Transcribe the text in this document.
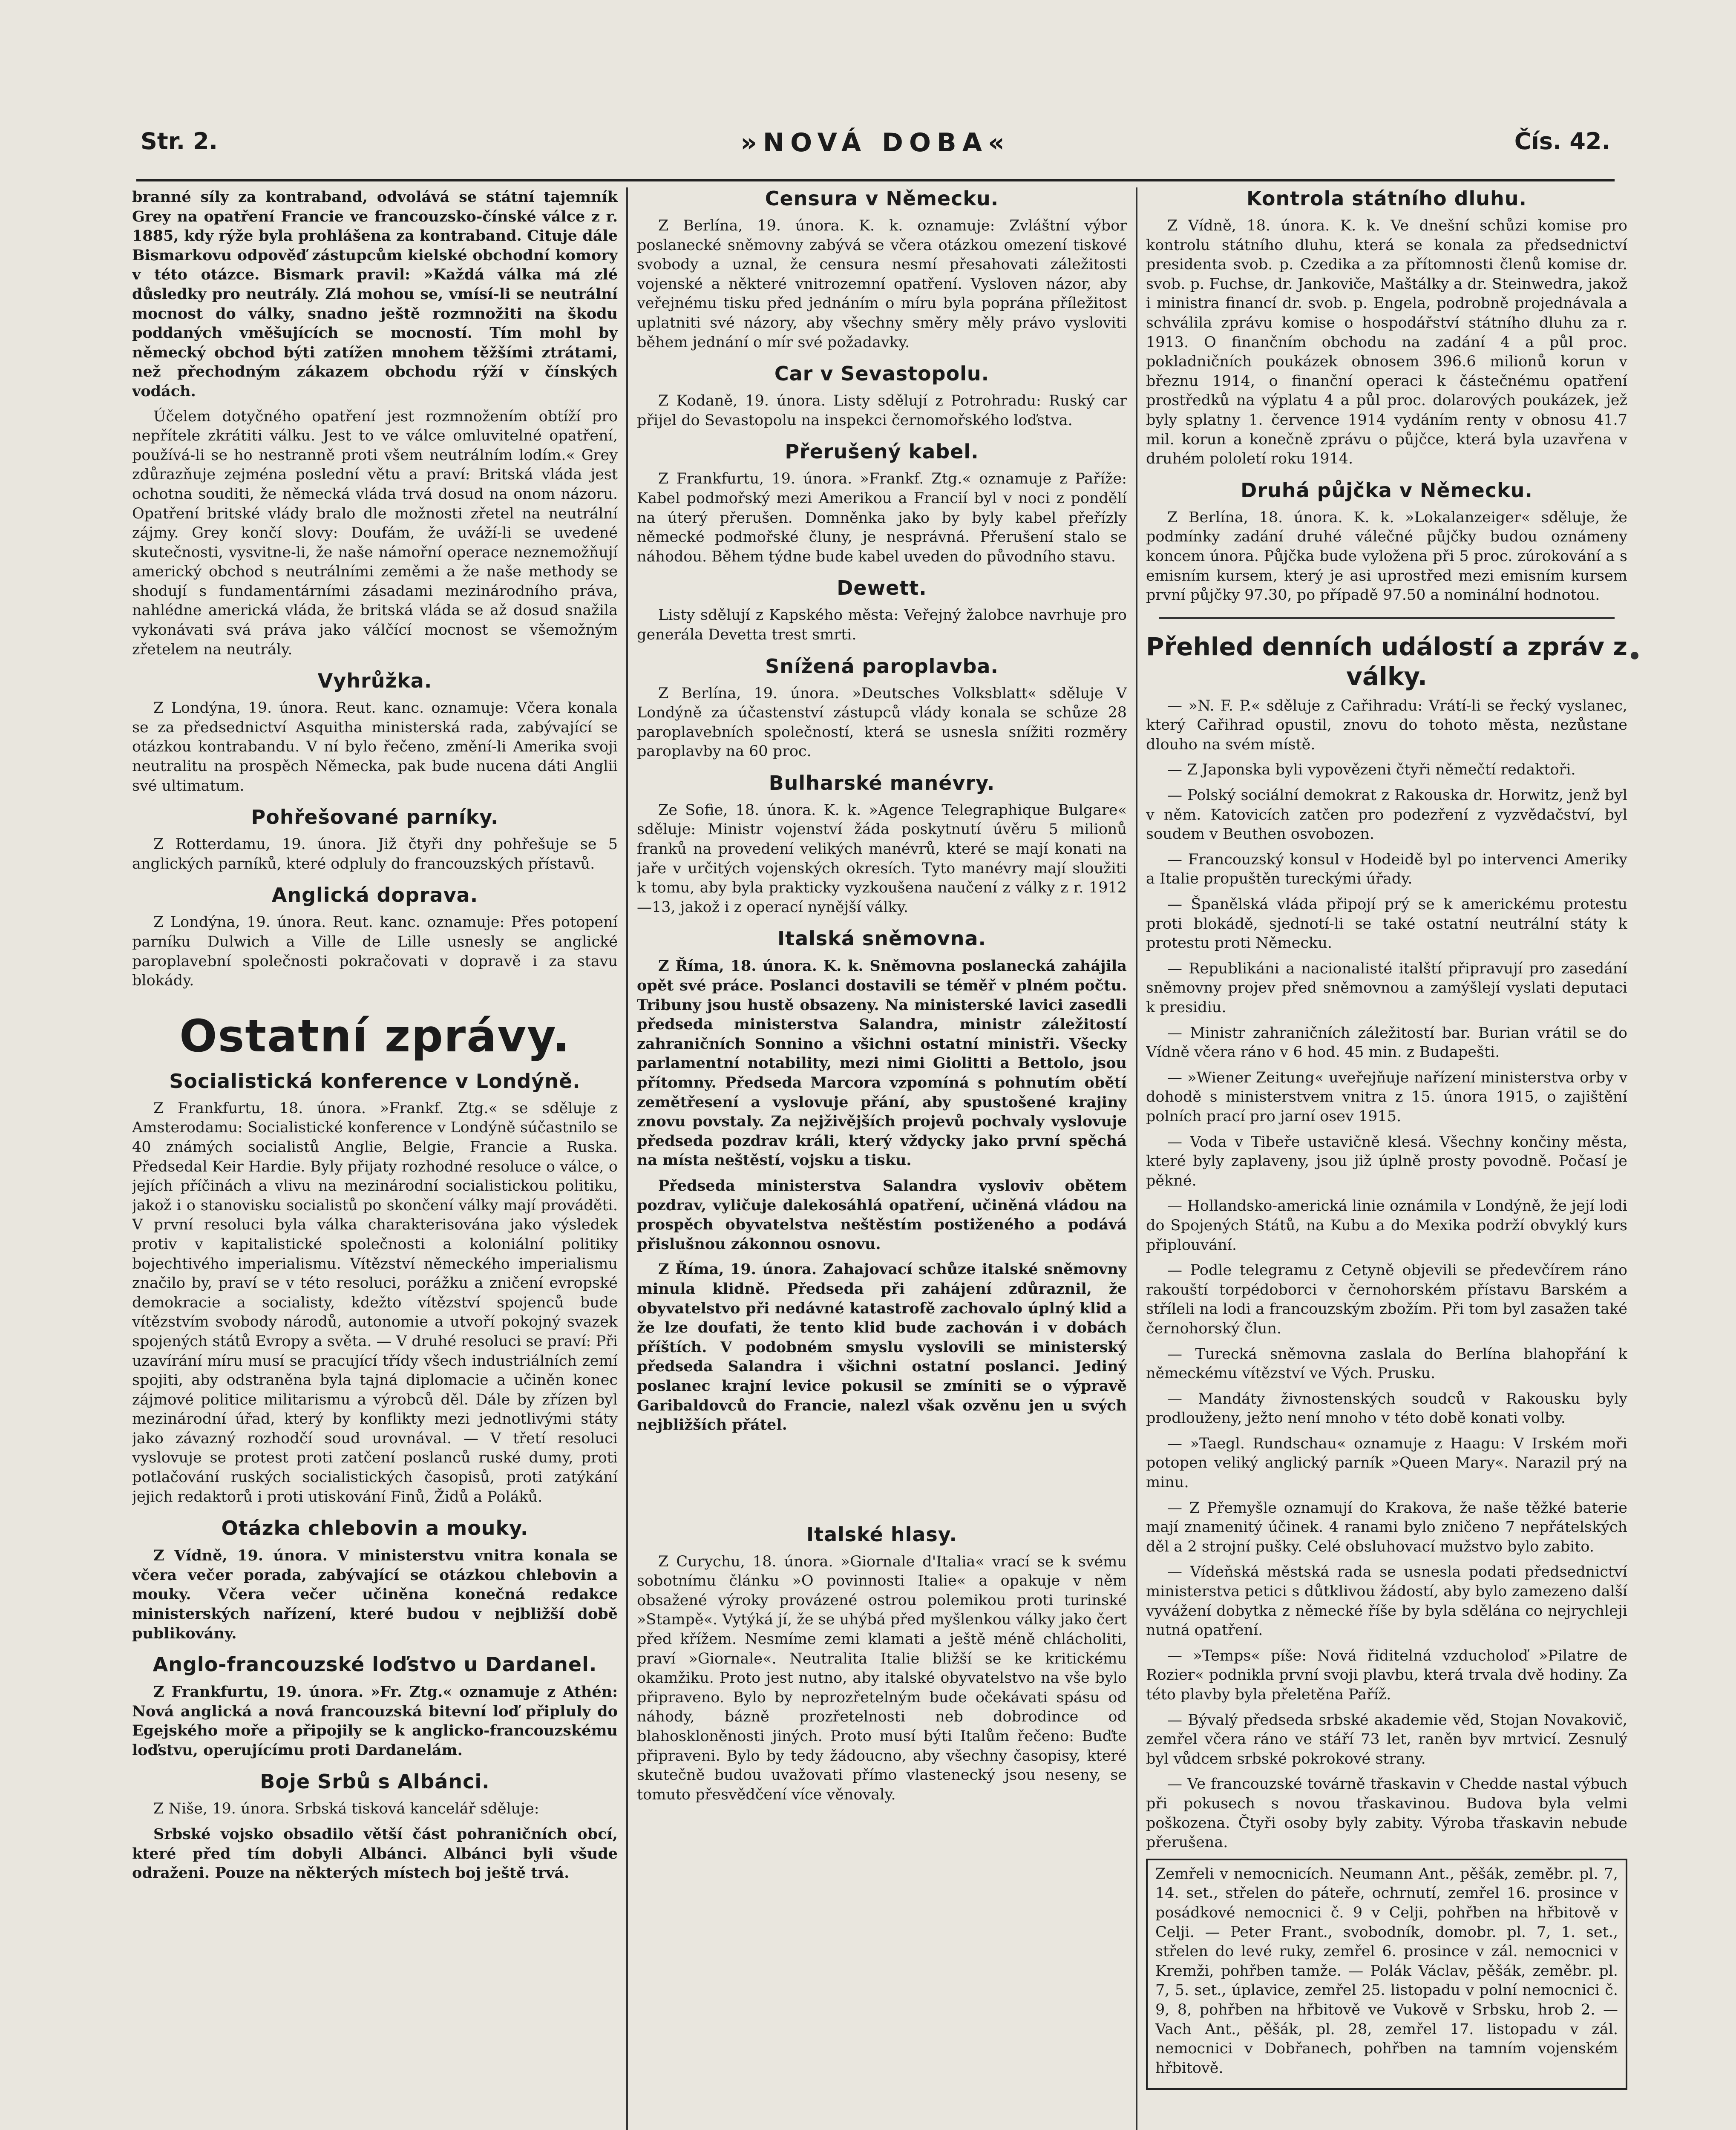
Str. 2.	»NOVÁ DOBA«	Čís. 42.

branné síly za kontraband, odvolává se státní tajemník Grey na opatření Francie ve francouzsko-čínské válce z r. 1885, kdy rýže byla prohlášena za kontraband. Cituje dále Bismarkovu odpověď zástupcům kielské obchodní komory v této otázce. Bismark pravil: »Každá válka má zlé důsledky pro neutrály. Zlá mohou se, vmísí-li se neutrální mocnost do války, snadno ještě rozmnožiti na škodu poddaných vměšujících se mocností. Tím mohl by německý obchod býti zatížen mnohem těžšími ztrátami, než přechodným zákazem obchodu rýží v čínských vodách.

Účelem dotyčného opatření jest rozmnožením obtíží pro nepřítele zkrátiti válku. Jest to ve válce omluvitelné opatření, používá-li se ho nestranně proti všem neutrálním lodím.« Grey zdůrazňuje zejména poslední větu a praví: Britská vláda jest ochotna souditi, že německá vláda trvá dosud na onom názoru. Opatření britské vlády bralo dle možnosti zřetel na neutrální zájmy. Grey končí slovy: Doufám, že uváží-li se uvedené skutečnosti, vysvitne-li, že naše námořní operace neznemožňují americký obchod s neutrálními zeměmi a že naše methody se shodují s fundamentárními zásadami mezinárodního práva, nahlédne americká vláda, že britská vláda se až dosud snažila vykonávati svá práva jako válčící mocnost se všemožným zřetelem na neutrály.

Vyhrůžka.

Z Londýna, 19. února. Reut. kanc. oznamuje: Včera konala se za předsednictví Asquitha ministerská rada, zabývající se otázkou kontrabandu. V ní bylo řečeno, změní-li Amerika svoji neutralitu na prospěch Německa, pak bude nucena dáti Anglii své ultimatum.

Pohřešované parníky.

Z Rotterdamu, 19. února. Již čtyři dny pohřešuje se 5 anglických parníků, které odpluly do francouzských přístavů.

Anglická doprava.

Z Londýna, 19. února. Reut. kanc. oznamuje: Přes potopení parníku Dulwich a Ville de Lille usnesly se anglické paroplavební společnosti pokračovati v dopravě i za stavu blokády.

Ostatní zprávy.
Socialistická konference v Londýně.

Z Frankfurtu, 18. února. »Frankf. Ztg.« se sděluje z Amsterodamu: Socialistické konference v Londýně súčastnilo se 40 známých socialistů Anglie, Belgie, Francie a Ruska. Předsedal Keir Hardie. Byly přijaty rozhodné resoluce o válce, o jejích příčinách a vlivu na mezinárodní socialistickou politiku, jakož i o stanovisku socialistů po skončení války mají prováděti. V první resoluci byla válka charakterisována jako výsledek protiv v kapitalistické společnosti a koloniální politiky bojechtivého imperialismu. Vítězství německého imperialismu značilo by, praví se v této resoluci, porážku a zničení evropské demokracie a socialisty, kdežto vítězství spojenců bude vítězstvím svobody národů, autonomie a utvoří pokojný svazek spojených států Evropy a světa. — V druhé resoluci se praví: Při uzavírání míru musí se pracující třídy všech industriálních zemí spojiti, aby odstraněna byla tajná diplomacie a učiněn konec zájmové politice militarismu a výrobců děl. Dále by zřízen byl mezinárodní úřad, který by konflikty mezi jednotlivými státy jako závazný rozhodčí soud urovnával. — V třetí resoluci vyslovuje se protest proti zatčení poslanců ruské dumy, proti potlačování ruských socialistických časopisů, proti zatýkání jejich redaktorů i proti utiskování Finů, Židů a Poláků.

Otázka chlebovin a mouky.

Z Vídně, 19. února. V ministerstvu vnitra konala se včera večer porada, zabývající se otázkou chlebovin a mouky. Včera večer učiněna konečná redakce ministerských nařízení, které budou v nejbližší době publikovány.

Anglo-francouzské loďstvo u Dardanel.

Z Frankfurtu, 19. února. »Fr. Ztg.« oznamuje z Athén: Nová anglická a nová francouzská bitevní loď připluly do Egejského moře a připojily se k anglicko-francouzskému loďstvu, operujícímu proti Dardanelám.

Boje Srbů s Albánci.

Z Niše, 19. února. Srbská tisková kancelář sděluje:

Srbské vojsko obsadilo větší část pohraničních obcí, které před tím dobyli Albánci. Albánci byli všude odraženi. Pouze na některých místech boj ještě trvá.

Censura v Německu.

Z Berlína, 19. února. K. k. oznamuje: Zvláštní výbor poslanecké sněmovny zabývá se včera otázkou omezení tiskové svobody a uznal, že censura nesmí přesahovati záležitosti vojenské a některé vnitrozemní opatření. Vysloven názor, aby veřejnému tisku před jednáním o míru byla poprána příležitost uplatniti své názory, aby všechny směry měly právo vysloviti během jednání o mír své požadavky.

Car v Sevastopolu.

Z Kodaně, 19. února. Listy sdělují z Potrohradu: Ruský car přijel do Sevastopolu na inspekci černomořského loďstva.

Přerušený kabel.

Z Frankfurtu, 19. února. »Frankf. Ztg.« oznamuje z Paříže: Kabel podmořský mezi Amerikou a Francií byl v noci z pondělí na úterý přerušen. Domněnka jako by byly kabel přeřízly německé podmořské čluny, je nesprávná. Přerušení stalo se náhodou. Během týdne bude kabel uveden do původního stavu.

Dewett.

Listy sdělují z Kapského města: Veřejný žalobce navrhuje pro generála Devetta trest smrti.

Snížená paroplavba.

Z Berlína, 19. února. »Deutsches Volksblatt« sděluje V Londýně za účastenství zástupců vlády konala se schůze 28 paroplavebních společností, která se usnesla snížiti rozměry paroplavby na 60 proc.

Bulharské manévry.

Ze Sofie, 18. února. K. k. »Agence Telegraphique Bulgare« sděluje: Ministr vojenství žáda poskytnutí úvěru 5 milionů franků na provedení velikých manévrů, které se mají konati na jaře v určitých vojenských okresích. Tyto manévry mají sloužiti k tomu, aby byla prakticky vyzkoušena naučení z války z r. 1912—13, jakož i z operací nynější války.

Italská sněmovna.

Z Říma, 18. února. K. k. Sněmovna poslanecká zahájila opět své práce. Poslanci dostavili se téměř v plném počtu. Tribuny jsou hustě obsazeny. Na ministerské lavici zasedli předseda ministerstva Salandra, ministr záležitostí zahraničních Sonnino a všichni ostatní ministři. Všecky parlamentní notability, mezi nimi Giolitti a Bettolo, jsou přítomny. Předseda Marcora vzpomíná s pohnutím obětí zemětřesení a vyslovuje přání, aby spustošené krajiny znovu povstaly. Za nejživějších projevů pochvaly vyslovuje předseda pozdrav králi, který vždycky jako první spěchá na místa neštěstí, vojsku a tisku.

Předseda ministerstva Salandra vysloviv obětem pozdrav, vyličuje dalekosáhlá opatření, učiněná vládou na prospěch obyvatelstva neštěstím postiženého a podává přislušnou zákonnou osnovu.

Z Říma, 19. února. Zahajovací schůze italské sněmovny minula klidně. Předseda při zahájení zdůraznil, že obyvatelstvo při nedávné katastrofě zachovalo úplný klid a že lze doufati, že tento klid bude zachován i v dobách příštích. V podobném smyslu vyslovili se ministerský předseda Salandra i všichni ostatní poslanci. Jediný poslanec krajní levice pokusil se zmíniti se o výpravě Garibaldovců do Francie, nalezl však ozvěnu jen u svých nejbližších přátel.

Italské hlasy.

Z Curychu, 18. února. »Giornale d'Italia« vrací se k svému sobotnímu článku »O povinnosti Italie« a opakuje v něm obsažené výroky provázené ostrou polemikou proti turinské »Stampě«. Vytýká jí, že se uhýbá před myšlenkou války jako čert před křížem. Nesmíme zemi klamati a ještě méně chlácholiti, praví »Giornale«. Neutralita Italie bližší se ke kritickému okamžiku. Proto jest nutno, aby italské obyvatelstvo na vše bylo připraveno. Bylo by neprozřetelným bude očekávati spásu od náhody, bázně prozřetelnosti neb dobrodince od blahoskloněnosti jiných. Proto musí býti Italům řečeno: Buďte připraveni. Bylo by tedy žádoucno, aby všechny časopisy, které skutečně budou uvažovati přímo vlastenecký jsou neseny, se tomuto přesvědčení více věnovaly.

Kontrola státního dluhu.

Z Vídně, 18. února. K. k. Ve dnešní schůzi komise pro kontrolu státního dluhu, která se konala za předsednictví presidenta svob. p. Czedika a za přítomnosti členů komise dr. svob. p. Fuchse, dr. Jankoviče, Maštálky a dr. Steinwedra, jakož i ministra financí dr. svob. p. Engela, podrobně projednávala a schválila zprávu komise o hospodářství státního dluhu za r. 1913. O finančním obchodu na zadání 4 a půl proc. pokladničních poukázek obnosem 396.6 milionů korun v březnu 1914, o finanční operaci k částečnému opatření prostředků na výplatu 4 a půl proc. dolarových poukázek, jež byly splatny 1. července 1914 vydáním renty v obnosu 41.7 mil. korun a konečně zprávu o půjčce, která byla uzavřena v druhém pololetí roku 1914.

Druhá půjčka v Německu.

Z Berlína, 18. února. K. k. »Lokalanzeiger« sděluje, že podmínky zadání druhé válečné půjčky budou oznámeny koncem února. Půjčka bude vyložena při 5 proc. zúrokování a s emisním kursem, který je asi uprostřed mezi emisním kursem první půjčky 97.30, po případě 97.50 a nominální hodnotou.

Přehled denních událostí a zpráv z války.

— »N. F. P.« sděluje z Cařihradu: Vrátí-li se řecký vyslanec, který Cařihrad opustil, znovu do tohoto města, nezůstane dlouho na svém místě.

— Z Japonska byli vypovězeni čtyři němečtí redaktoři.

— Polský sociální demokrat z Rakouska dr. Horwitz, jenž byl v něm. Katovicích zatčen pro podezření z vyzvědačství, byl soudem v Beuthen osvobozen.

— Francouzský konsul v Hodeidě byl po intervenci Ameriky a Italie propuštěn tureckými úřady.

— Španělská vláda připojí prý se k americkému protestu proti blokádě, sjednotí-li se také ostatní neutrální státy k protestu proti Německu.

— Republikáni a nacionalisté italští připravují pro zasedání sněmovny projev před sněmovnou a zamýšlejí vyslati deputaci k presidiu.

— Ministr zahraničních záležitostí bar. Burian vrátil se do Vídně včera ráno v 6 hod. 45 min. z Budapešti.

— »Wiener Zeitung« uveřejňuje nařízení ministerstva orby v dohodě s ministerstvem vnitra z 15. února 1915, o zajištění polních prací pro jarní osev 1915.

— Voda v Tibeře ustavičně klesá. Všechny končiny města, které byly zaplaveny, jsou již úplně prosty povodně. Počasí je pěkné.

— Hollandsko-americká linie oznámila v Londýně, že její lodi do Spojených Států, na Kubu a do Mexika podrží obvyklý kurs připlouvání.

— Podle telegramu z Cetyně objevili se předevčírem ráno rakouští torpédoborci v černohorském přístavu Barském a stříleli na lodi a francouzským zbožím. Při tom byl zasažen také černohorský člun.

— Turecká sněmovna zaslala do Berlína blahopřání k německému vítězství ve Vých. Prusku.

— Mandáty živnostenských soudců v Rakousku byly prodlouženy, ježto není mnoho v této době konati volby.

— »Taegl. Rundschau« oznamuje z Haagu: V Irském moři potopen veliký anglický parník »Queen Mary«. Narazil prý na minu.

— Z Přemyšle oznamují do Krakova, že naše těžké baterie mají znamenitý účinek. 4 ranami bylo zničeno 7 nepřátelských děl a 2 strojní pušky. Celé obsluhovací mužstvo bylo zabito.

— Vídeňská městská rada se usnesla podati předsednictví ministerstva petici s důtklivou žádostí, aby bylo zamezeno další vyvážení dobytka z německé říše by byla sdělána co nejrychleji nutná opatření.

— »Temps« píše: Nová řiditelná vzducholoď »Pilatre de Rozier« podnikla první svoji plavbu, která trvala dvě hodiny. Za této plavby byla přeletěna Paříž.

— Bývalý předseda srbské akademie věd, Stojan Novakovič, zemřel včera ráno ve stáří 73 let, raněn byv mrtvicí. Zesnulý byl vůdcem srbské pokrokové strany.

— Ve francouzské továrně třaskavin v Chedde nastal výbuch při pokusech s novou třaskavinou. Budova byla velmi poškozena. Čtyři osoby byly zabity. Výroba třaskavin nebude přerušena.

Zemřeli v nemocnicích. Neumann Ant., pěšák, zeměbr. pl. 7, 14. set., střelen do páteře, ochrnutí, zemřel 16. prosince v posádkové nemocnici č. 9 v Celji, pohřben na hřbitově v Celji. — Peter Frant., svobodník, domobr. pl. 7, 1. set., střelen do levé ruky, zemřel 6. prosince v zál. nemocnici v Kremži, pohřben tamže. — Polák Václav, pěšák, zeměbr. pl. 7, 5. set., úplavice, zemřel 25. listopadu v polní nemocnici č. 9, 8, pohřben na hřbitově ve Vukově v Srbsku, hrob 2. — Vach Ant., pěšák, pl. 28, zemřel 17. listopadu v zál. nemocnici v Dobřanech, pohřben na tamním vojenském hřbitově.
